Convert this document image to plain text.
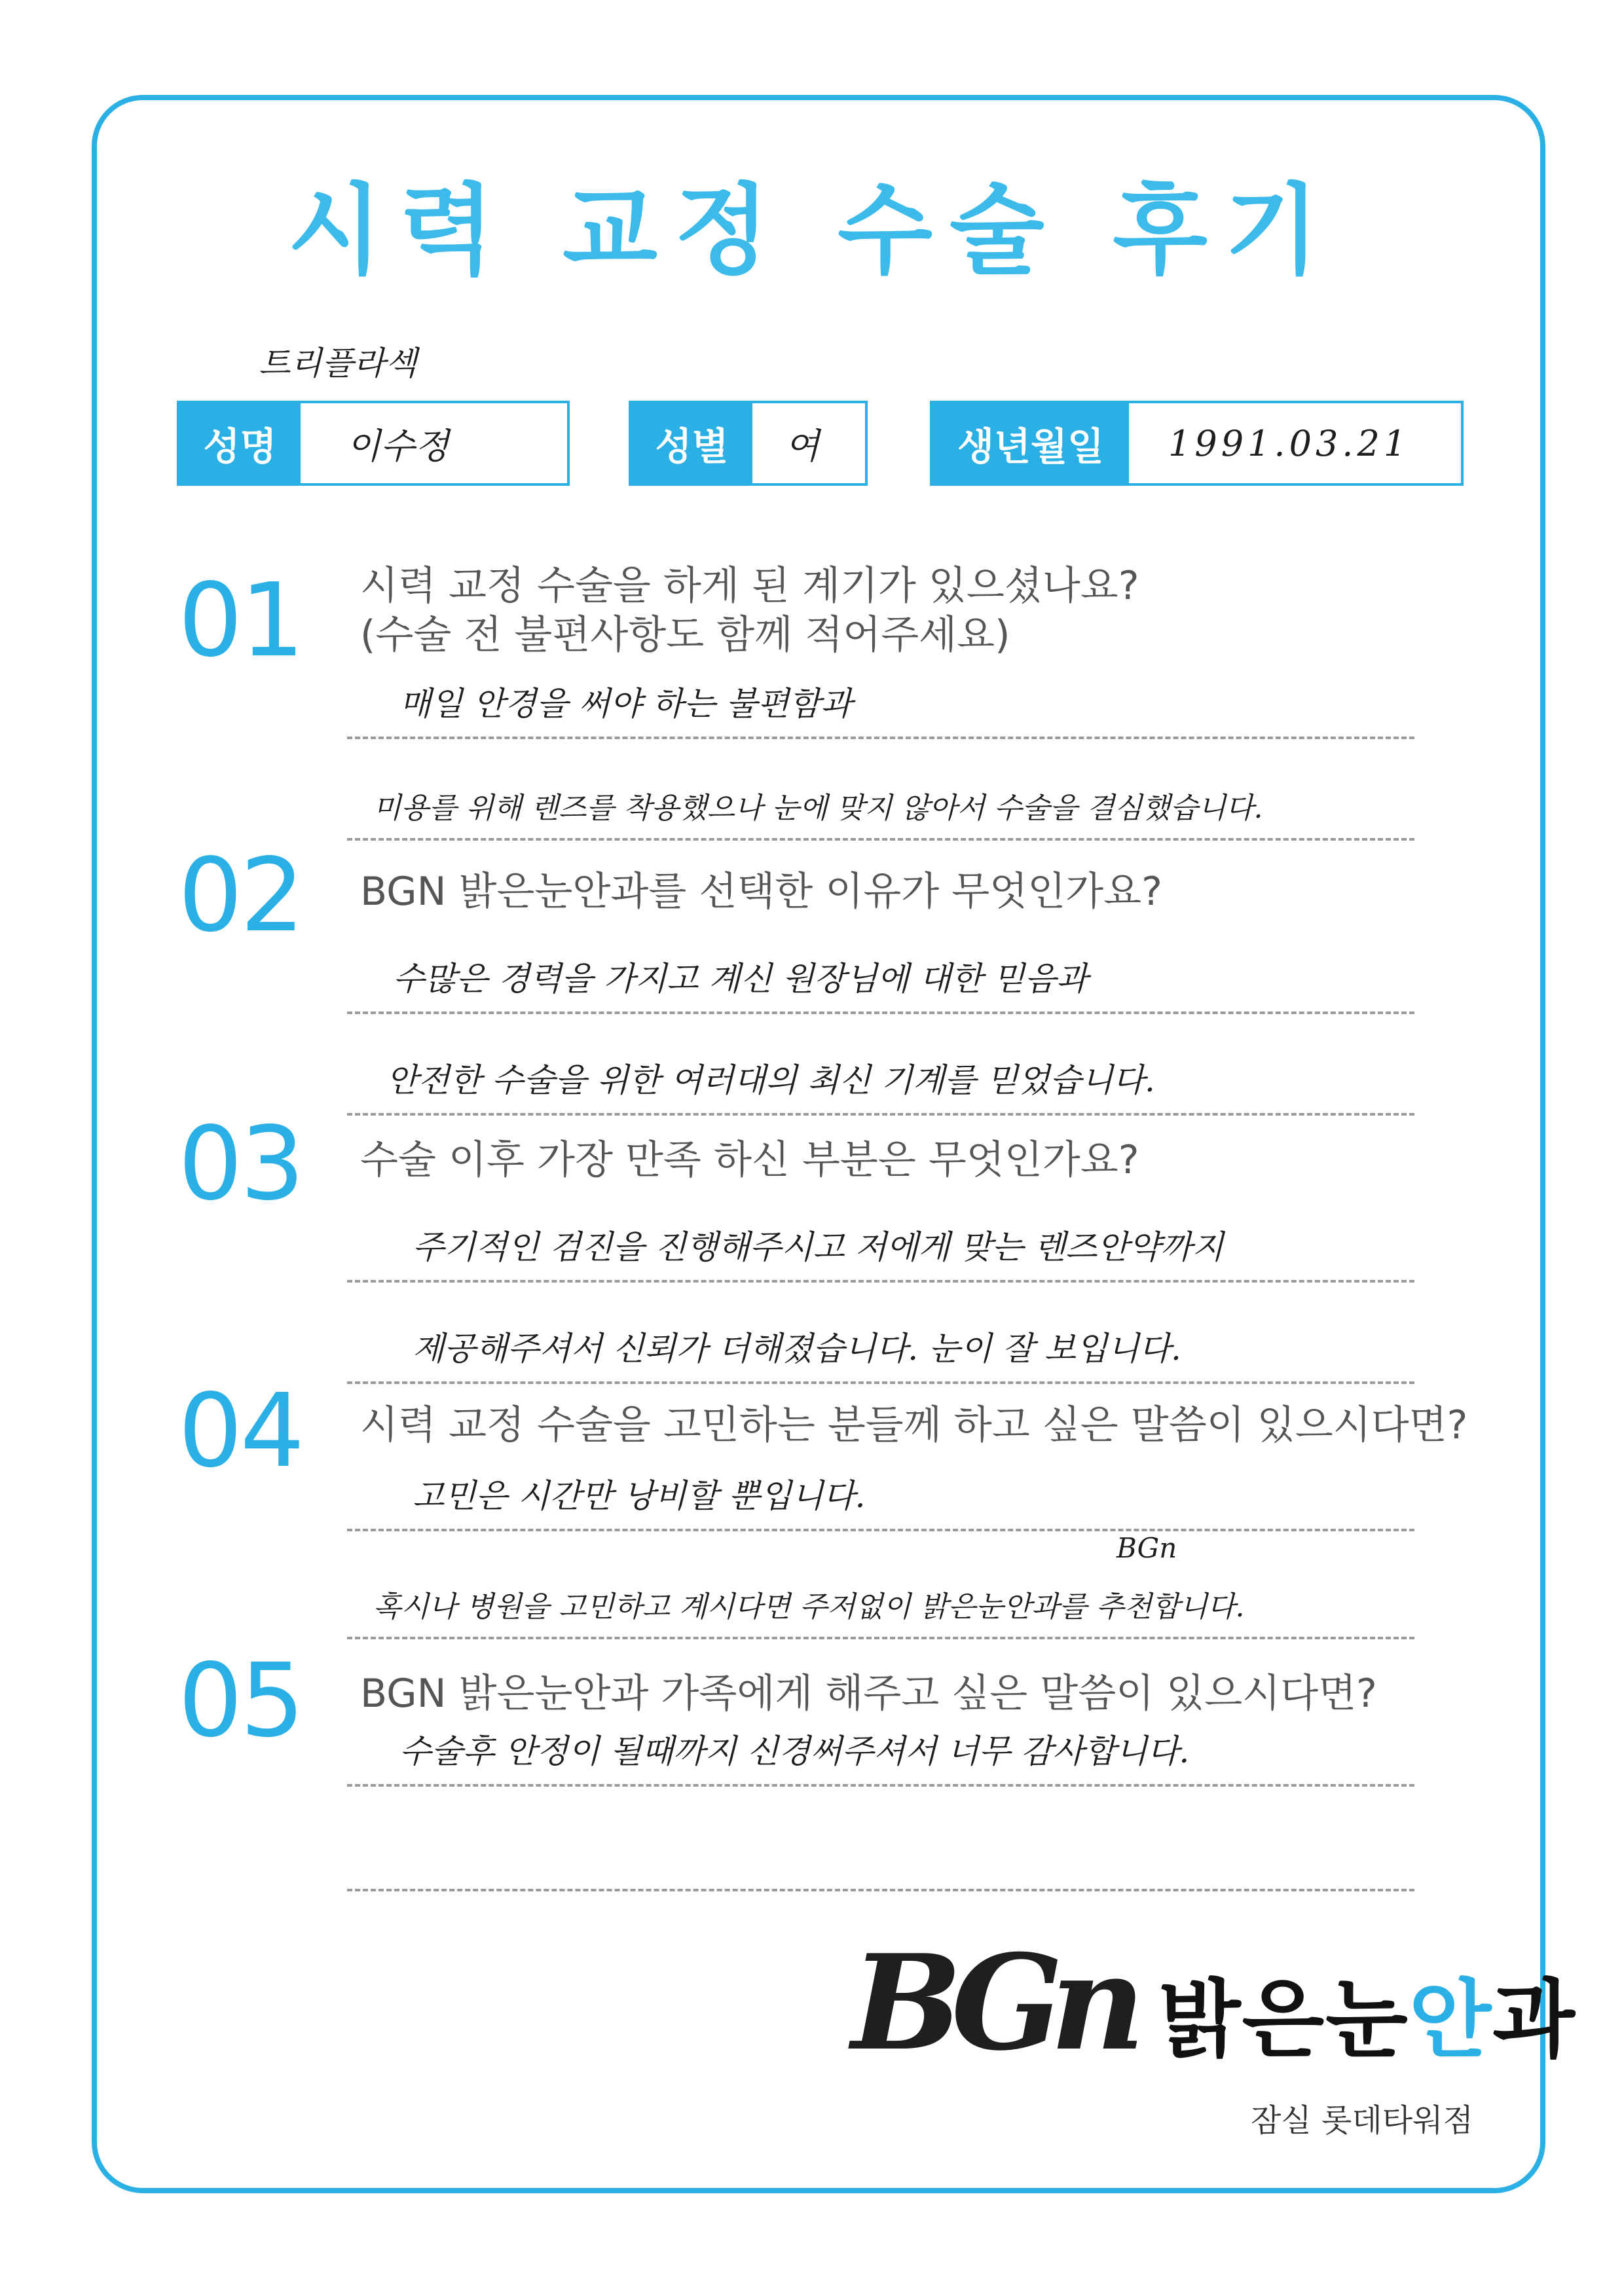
시력 교정 수술 후기
트리플라섹
성명	이수정	성별	여	생년월일	1991.03.21
01 시력 교정 수술을 하게 된 계기가 있으셨나요?
(수술 전 불편사항도 함께 적어주세요)
매일 안경을 써야 하는 불편함과
미용를 위해 렌즈를 착용했으나 눈에 맞지 않아서 수술을 결심했습니다.
02 BGN 밝은눈안과를 선택한 이유가 무엇인가요?
수많은 경력을 가지고 계신 원장님에 대한 믿음과
안전한 수술을 위한 여러대의 최신 기계를 믿었습니다.
03 수술 이후 가장 만족 하신 부분은 무엇인가요?
주기적인 검진을 진행해주시고 저에게 맞는 렌즈안약까지
제공해주셔서 신뢰가 더해졌습니다. 눈이 잘 보입니다.
04 시력 교정 수술을 고민하는 분들께 하고 싶은 말씀이 있으시다면?
고민은 시간만 낭비할 뿐입니다.
BGn
혹시나 병원을 고민하고 계시다면 주저없이 밝은눈안과를 추천합니다.
05 BGN 밝은눈안과 가족에게 해주고 싶은 말씀이 있으시다면?
수술후 안정이 될때까지 신경써주셔서 너무 감사합니다.
BGn 밝은눈안과
잠실 롯데타워점
